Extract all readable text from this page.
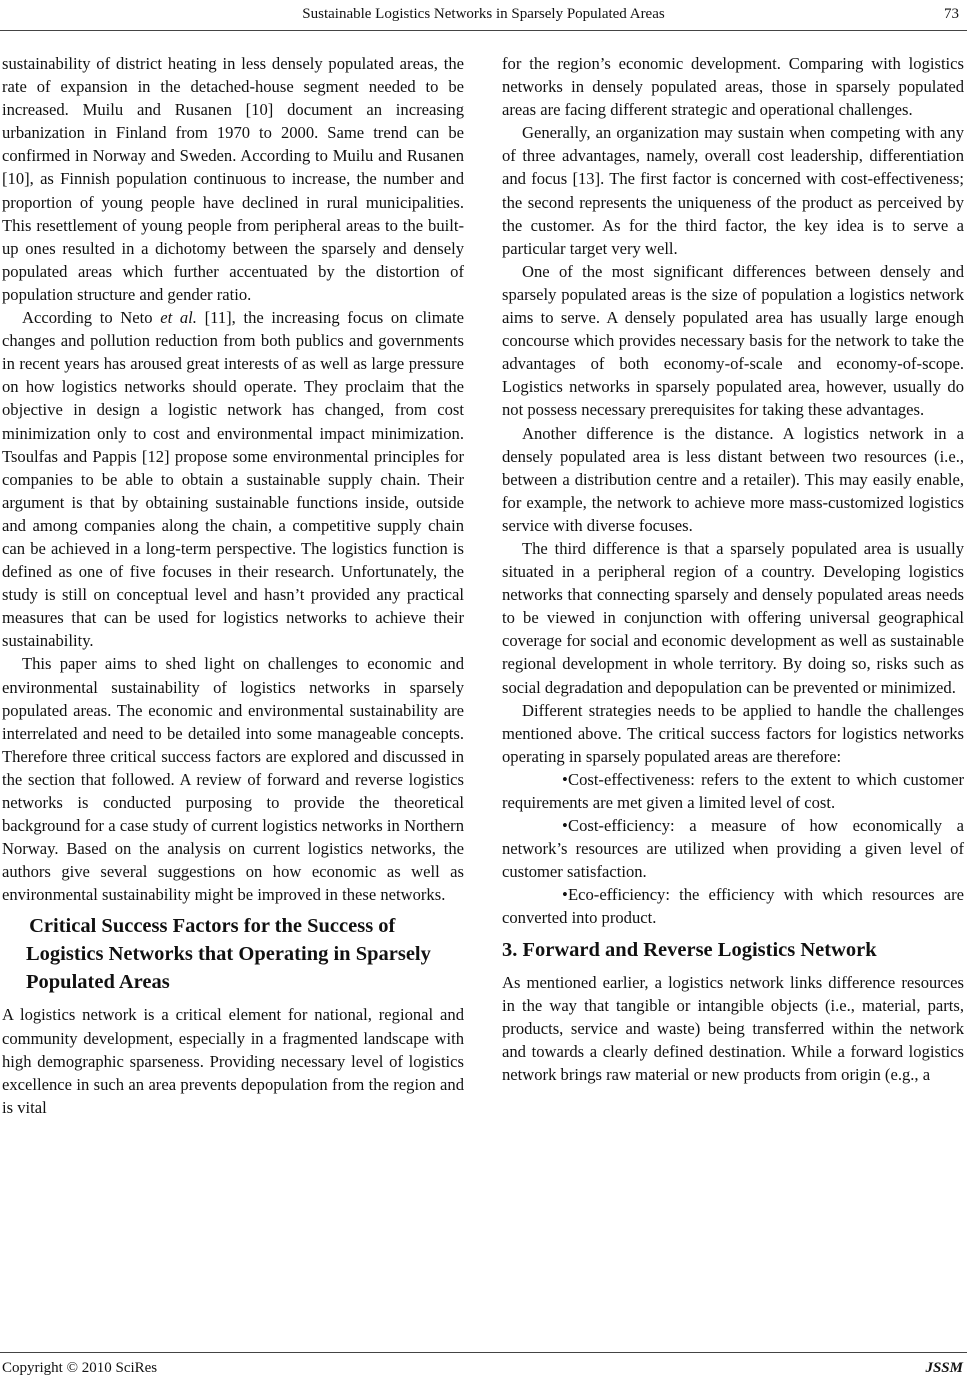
Sustainable Logistics Networks in Sparsely Populated Areas	73

sustainability of district heating in less densely populated areas, the rate of expansion in the detached-house segment needed to be increased. Muilu and Rusanen [10] document an increasing urbanization in Finland from 1970 to 2000. Same trend can be confirmed in Norway and Sweden. According to Muilu and Rusanen [10], as Finnish population continuous to increase, the number and proportion of young people have declined in rural municipalities. This resettlement of young people from peripheral areas to the built-up ones resulted in a dichotomy between the sparsely and densely populated areas which further accentuated by the distortion of population structure and gender ratio.

According to Neto et al. [11], the increasing focus on climate changes and pollution reduction from both publics and governments in recent years has aroused great interests of as well as large pressure on how logistics networks should operate. They proclaim that the objective in design a logistic network has changed, from cost minimization only to cost and environmental impact minimization. Tsoulfas and Pappis [12] propose some environmental principles for companies to be able to obtain a sustainable supply chain. Their argument is that by obtaining sustainable functions inside, outside and among companies along the chain, a competitive supply chain can be achieved in a long-term perspective. The logistics function is defined as one of five focuses in their research. Unfortunately, the study is still on conceptual level and hasn’t provided any practical measures that can be used for logistics networks to achieve their sustainability.

This paper aims to shed light on challenges to economic and environmental sustainability of logistics networks in sparsely populated areas. The economic and environmental sustainability are interrelated and need to be detailed into some manageable concepts. Therefore three critical success factors are explored and discussed in the section that followed. A review of forward and reverse logistics networks is conducted purposing to provide the theoretical background for a case study of current logistics networks in Northern Norway. Based on the analysis on current logistics networks, the authors give several suggestions on how economic as well as environmental sustainability might be improved in these networks.

Critical Success Factors for the Success of Logistics Networks that Operating in Sparsely Populated Areas

A logistics network is a critical element for national, regional and community development, especially in a fragmented landscape with high demographic sparseness. Providing necessary level of logistics excellence in such an area prevents depopulation from the region and is vital

for the region’s economic development. Comparing with logistics networks in densely populated areas, those in sparsely populated areas are facing different strategic and operational challenges.

Generally, an organization may sustain when competing with any of three advantages, namely, overall cost leadership, differentiation and focus [13]. The first factor is concerned with cost-effectiveness; the second represents the uniqueness of the product as perceived by the customer. As for the third factor, the key idea is to serve a particular target very well.

One of the most significant differences between densely and sparsely populated areas is the size of population a logistics network aims to serve. A densely populated area has usually large enough concourse which provides necessary basis for the network to take the advantages of both economy-of-scale and economy-of-scope. Logistics networks in sparsely populated area, however, usually do not possess necessary prerequisites for taking these advantages.

Another difference is the distance. A logistics network in a densely populated area is less distant between two resources (i.e., between a distribution centre and a retailer). This may easily enable, for example, the network to achieve more mass-customized logistics service with diverse focuses.

The third difference is that a sparsely populated area is usually situated in a peripheral region of a country. Developing logistics networks that connecting sparsely and densely populated areas needs to be viewed in conjunction with offering universal geographical coverage for social and economic development as well as sustainable regional development in whole territory. By doing so, risks such as social degradation and depopulation can be prevented or minimized.

Different strategies needs to be applied to handle the challenges mentioned above. The critical success factors for logistics networks operating in sparsely populated areas are therefore:

•Cost-effectiveness: refers to the extent to which customer requirements are met given a limited level of cost.

•Cost-efficiency: a measure of how economically a network’s resources are utilized when providing a given level of customer satisfaction.

•Eco-efficiency: the efficiency with which resources are converted into product.

3. Forward and Reverse Logistics Network

As mentioned earlier, a logistics network links difference resources in the way that tangible or intangible objects (i.e., material, parts, products, service and waste) being transferred within the network and towards a clearly defined destination. While a forward logistics network brings raw material or new products from origin (e.g., a

Copyright © 2010 SciRes	JSSM
